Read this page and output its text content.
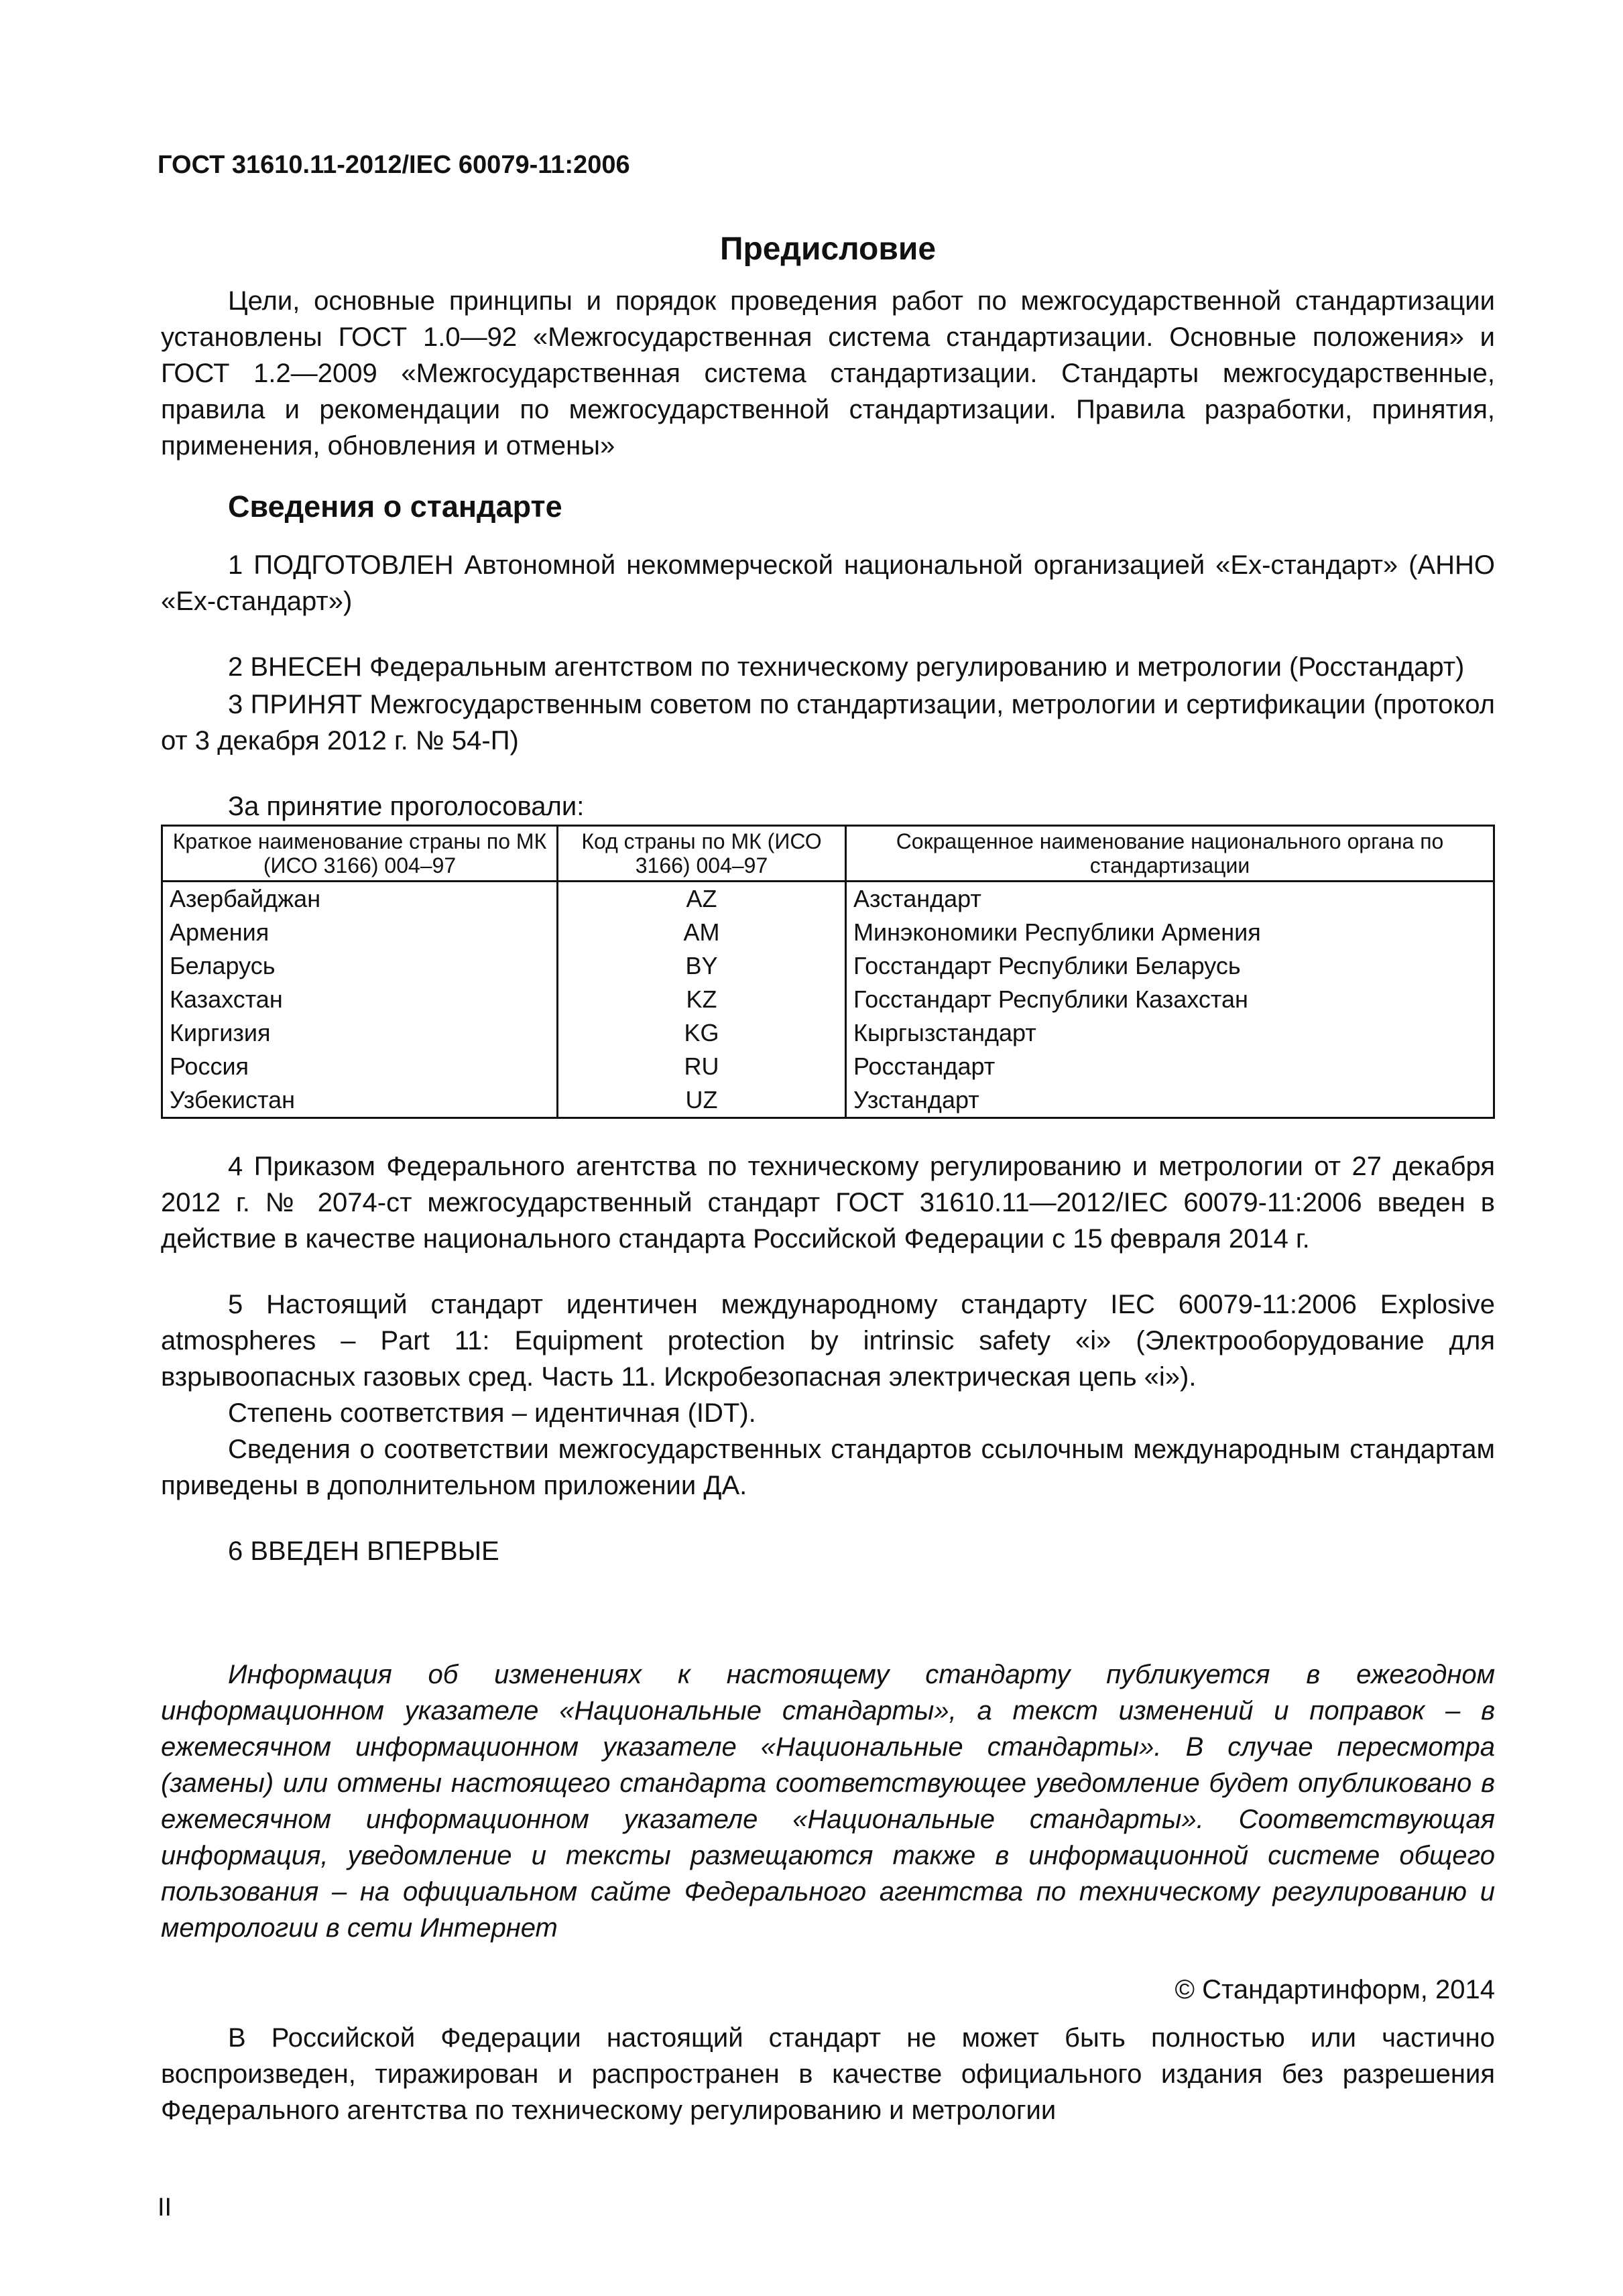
ГОСТ 31610.11-2012/IEC 60079-11:2006
Предисловие

Цели, основные принципы и порядок проведения работ по межгосударственной стандартизации установлены ГОСТ 1.0—92 «Межгосударственная система стандартизации. Основные положения» и ГОСТ 1.2—2009 «Межгосударственная система стандартизации. Стандарты межгосударственные, правила и рекомендации по межгосударственной стандартизации. Правила разработки, принятия, применения, обновления и отмены»

Сведения о стандарте

1 ПОДГОТОВЛЕН Автономной некоммерческой национальной организацией «Ех-стандарт» (АННО «Ех-стандарт»)

2 ВНЕСЕН Федеральным агентством по техническому регулированию и метрологии (Росстандарт)

3 ПРИНЯТ Межгосударственным советом по стандартизации, метрологии и сертификации (протокол от 3 декабря 2012 г. № 54-П)

За принятие проголосовали:

Краткое наименование страны по МК (ИСО 3166) 004–97	Код страны по МК (ИСО 3166) 004–97	Сокращенное наименование национального органа по стандартизации
Азербайджан	AZ	Азстандарт
Армения	AM	Минэкономики Республики Армения
Беларусь	BY	Госстандарт Республики Беларусь
Казахстан	KZ	Госстандарт Республики Казахстан
Киргизия	KG	Кыргызстандарт
Россия	RU	Росстандарт
Узбекистан	UZ	Узстандарт

4 Приказом Федерального агентства по техническому регулированию и метрологии от 27 декабря 2012 г. № 2074-ст межгосударственный стандарт ГОСТ 31610.11—2012/IEC 60079-11:2006 введен в действие в качестве национального стандарта Российской Федерации с 15 февраля 2014 г.

5 Настоящий стандарт идентичен международному стандарту IEC 60079-11:2006 Explosive atmospheres – Part 11: Equipment protection by intrinsic safety «i» (Электрооборудование для взрывоопасных газовых сред. Часть 11. Искробезопасная электрическая цепь «i»).

Степень соответствия – идентичная (IDT).

Сведения о соответствии межгосударственных стандартов ссылочным международным стандартам приведены в дополнительном приложении ДА.

6 ВВЕДЕН ВПЕРВЫЕ

Информация об изменениях к настоящему стандарту публикуется в ежегодном информационном указателе «Национальные стандарты», а текст изменений и поправок – в ежемесячном информационном указателе «Национальные стандарты». В случае пересмотра (замены) или отмены настоящего стандарта соответствующее уведомление будет опубликовано в ежемесячном информационном указателе «Национальные стандарты». Соответствующая информация, уведомление и тексты размещаются также в информационной системе общего пользования – на официальном сайте Федерального агентства по техническому регулированию и метрологии в сети Интернет

© Стандартинформ, 2014

В Российской Федерации настоящий стандарт не может быть полностью или частично воспроизведен, тиражирован и распространен в качестве официального издания без разрешения Федерального агентства по техническому регулированию и метрологии

II
